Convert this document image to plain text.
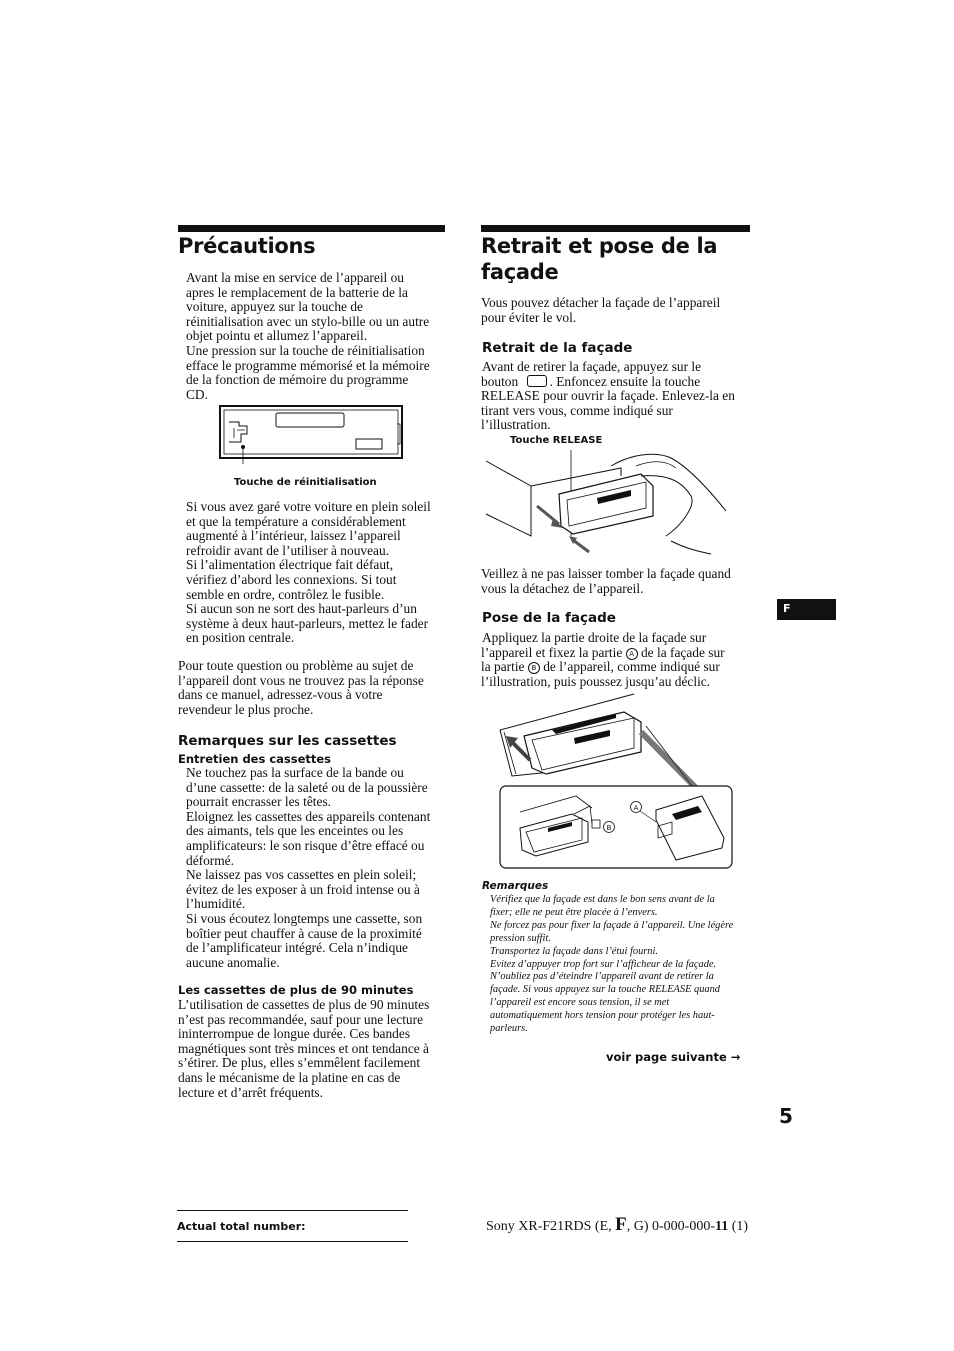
Précautions

Avant la mise en service de l’appareil ou
apres le remplacement de la batterie de la
voiture, appuyez sur la touche de
réinitialisation avec un stylo-bille ou un autre
objet pointu et allumez l’appareil.

Une pression sur la touche de réinitialisation
efface le programme mémorisé et la mémoire
de la fonction de mémoire du programme
CD.

Touche de réinitialisation

Si vous avez garé votre voiture en plein soleil
et que la température a considérablement
augmenté à l’intérieur, laissez l’appareil
refroidir avant de l’utiliser à nouveau.

Si l’alimentation électrique fait défaut,
vérifiez d’abord les connexions. Si tout
semble en ordre, contrôlez le fusible.

Si aucun son ne sort des haut-parleurs d’un
système à deux haut-parleurs, mettez le fader
en position centrale.

Pour toute question ou problème au sujet de
l’appareil dont vous ne trouvez pas la réponse
dans ce manuel, adressez-vous à votre
revendeur le plus proche.

Remarques sur les cassettes
Entretien des cassettes

Ne touchez pas la surface de la bande ou
d’une cassette: de la saleté ou de la poussière
pourrait encrasser les têtes.

Eloignez les cassettes des appareils contenant
des aimants, tels que les enceintes ou les
amplificateurs: le son risque d’être effacé ou
déformé.

Ne laissez pas vos cassettes en plein soleil;
évitez de les exposer à un froid intense ou à
l’humidité.

Si vous écoutez longtemps une cassette, son
boîtier peut chauffer à cause de la proximité
de l’amplificateur intégré. Cela n’indique
aucune anomalie.

Les cassettes de plus de 90 minutes

L’utilisation de cassettes de plus de 90 minutes
n’est pas recommandée, sauf pour une lecture
ininterrompue de longue durée. Ces bandes
magnétiques sont très minces et ont tendance à
s’étirer. De plus, elles s’emmêlent facilement
dans le mécanisme de la platine en cas de
lecture et d’arrêt fréquents.

Retrait et pose de la
façade

Vous pouvez détacher la façade de l’appareil
pour éviter le vol.

Retrait de la façade
Avant de retirer la façade, appuyez sur le
bouton . Enfoncez ensuite la touche

RELEASE pour ouvrir la façade. Enlevez-la en
tirant vers vous, comme indiqué sur
l’illustration.

Touche RELEASE

Veillez à ne pas laisser tomber la façade quand
vous la détachez de l’appareil.

Pose de la façade
Appliquez la partie droite de la façade sur
l’appareil et fixez la partie A de la façade sur
la partie B de l’appareil, comme indiqué sur
l’illustration, puis poussez jusqu’au déclic.
B
A
Remarques

Vérifiez que la façade est dans le bon sens avant de la
fixer; elle ne peut être placée à l’envers.
Ne forcez pas pour fixer la façade à l’appareil. Une légère
pression suffit.
Transportez la façade dans l’étui fourni.
Evitez d’appuyer trop fort sur l’afficheur de la façade.
N’oubliez pas d’éteindre l’appareil avant de retirer la
façade. Si vous appuyez sur la touche RELEASE quand
l’appareil est encore sous tension, il se met
automatiquement hors tension pour protéger les haut-
parleurs.

voir page suivante →
F
5
Actual total number:	Sony XR-F21RDS (E, F, G) 0-000-000-11 (1)
